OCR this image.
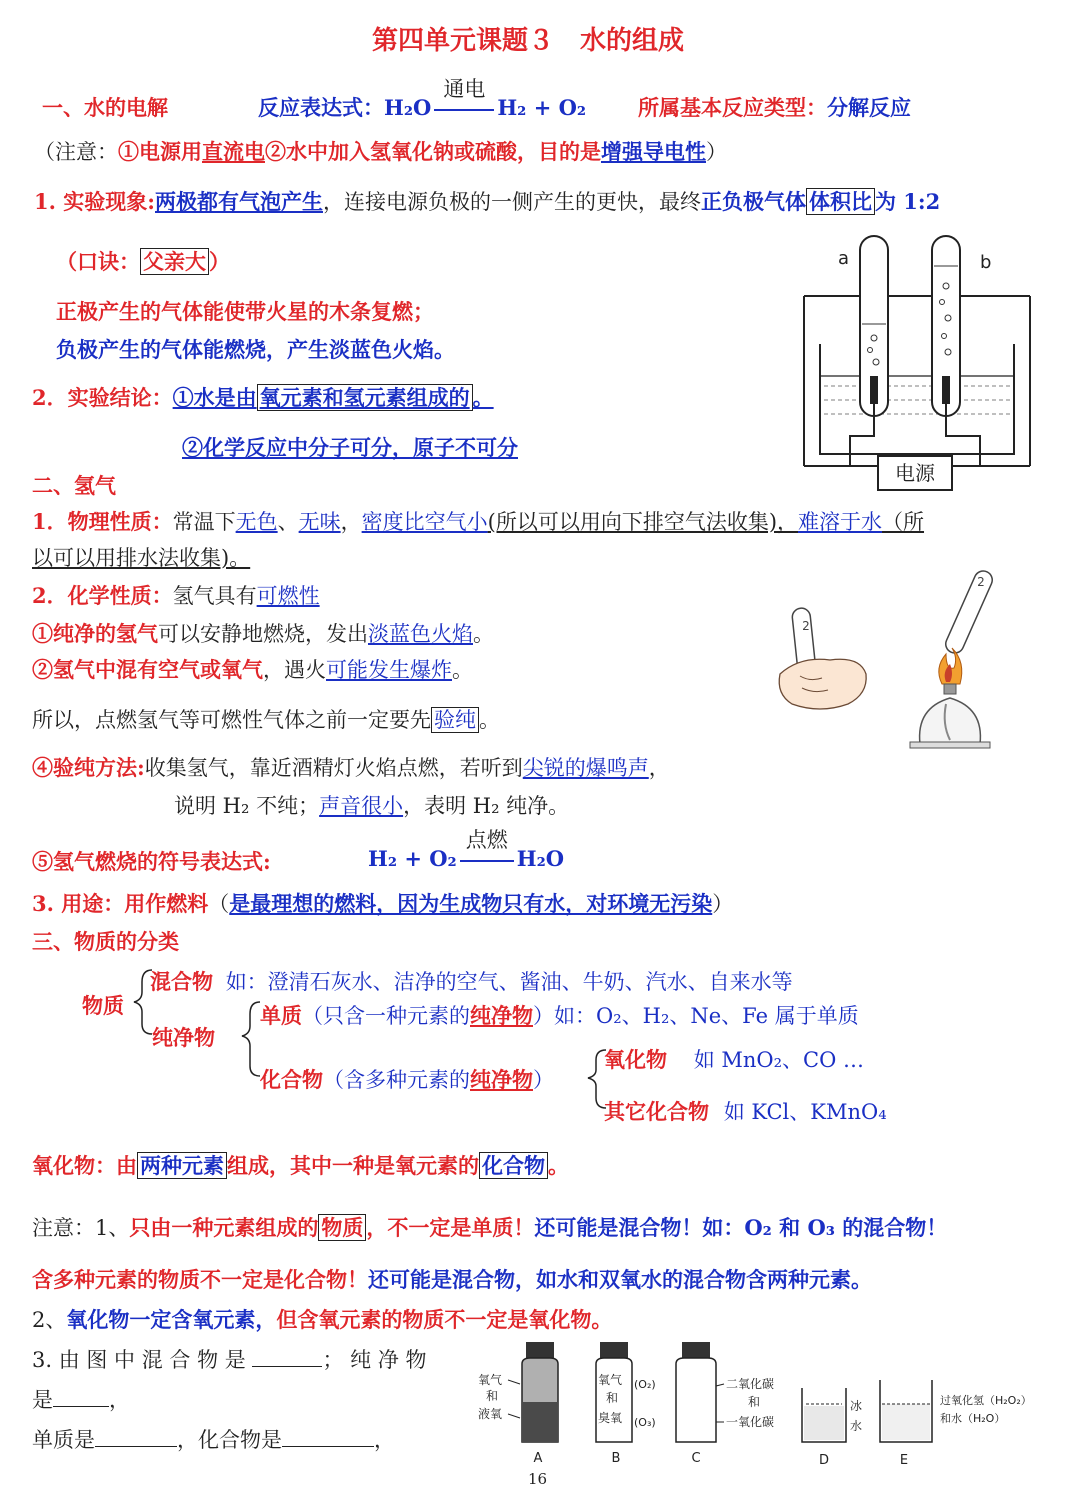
第四单元课题３　水的组成
一、水的电解	反应表达式：H₂O
通电
H₂ + O₂ 所属基本反应类型：分解反应
（注意：①电源用直流电②水中加入氢氧化钠或硫酸，目的是增强导电性）
1. 实验现象:两极都有气泡产生，连接电源负极的一侧产生的更快，最终正负极气体 体积比 为 1:2
（口诀： 父亲大 ）
正极产生的气体能使带火星的木条复燃；
负极产生的气体能燃烧，产生淡蓝色火焰。
2．实验结论：①水是由 氧元素和氢元素组成的 。
②化学反应中分子可分，原子不可分
a	b
电源
二、氢气
1．物理性质：常温下无色、无味，密度比空气小(所以可以用向下排空气法收集)，难溶于水（所
以可以用排水法收集)。
2．化学性质：氢气具有可燃性
①纯净的氢气可以安静地燃烧，发出淡蓝色火焰。
②氢气中混有空气或氧气，遇火可能发生爆炸。
所以，点燃氢气等可燃性气体之前一定要先 验纯 。
④验纯方法:收集氢气，靠近酒精灯火焰点燃，若听到尖锐的爆鸣声，
说明 H₂ 不纯；声音很小，表明 H₂ 纯净。
⑤氢气燃烧的符号表达式:	H₂ + O₂
点燃
H₂O
3. 用途：用作燃料（是最理想的燃料，因为生成物只有水，对环境无污染）
2
2
三、物质的分类
物质
混合物 如：澄清石灰水、洁净的空气、酱油、牛奶、汽水、自来水等
纯净物
单质（只含一种元素的纯净物）如：O₂、H₂、Ne、Fe 属于单质
化合物（含多种元素的纯净物）
氧化物 如 MnO₂、CO …
其它化合物 如 KCl、KMnO₄
氧化物：由 两种元素 组成，其中一种是氧元素的 化合物 。
注意：1、只由一种元素组成的 物质 ，不一定是单质！还可能是混合物！如：O₂ 和 O₃ 的混合物！
含多种元素的物质不一定是化合物！还可能是混合物，如水和双氧水的混合物含两种元素。
2、氧化物一定含氧元素，但含氧元素的物质不一定是氧化物。
3. 由 图 中 混 合 物 是	； 纯 净 物
是	，
单质是	，化合物是	，
氧气
和
液氧
A
氧气
和
臭氧
(O₂)
(O₃)
B
二氧化碳
和
一氧化碳
C
冰
水
D
过氧化氢（H₂O₂）
和水（H₂O）
E
16
